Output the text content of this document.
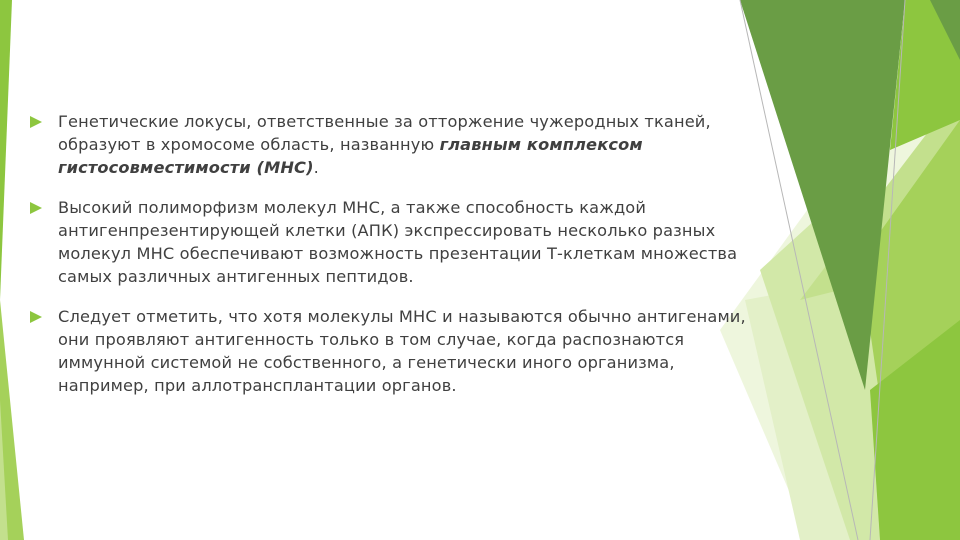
Генетические локусы, ответственные за отторжение чужеродных тканей, образуют в хромосоме область, названную главным комплексом гистосовместимости (МНС).
Высокий полиморфизм молекул МНС, а также способность каждой антигенпрезентирующей клетки (АПК) экспрессировать несколько разных молекул МНС обеспечивают возможность презентации Т-клеткам множества самых различных антигенных пептидов.
Следует отметить, что хотя молекулы МНС и называются обычно антигенами, они проявляют антигенность только в том случае, когда распознаются иммунной системой не собственного, а генетически иного организма, например, при аллотрансплантации органов.
